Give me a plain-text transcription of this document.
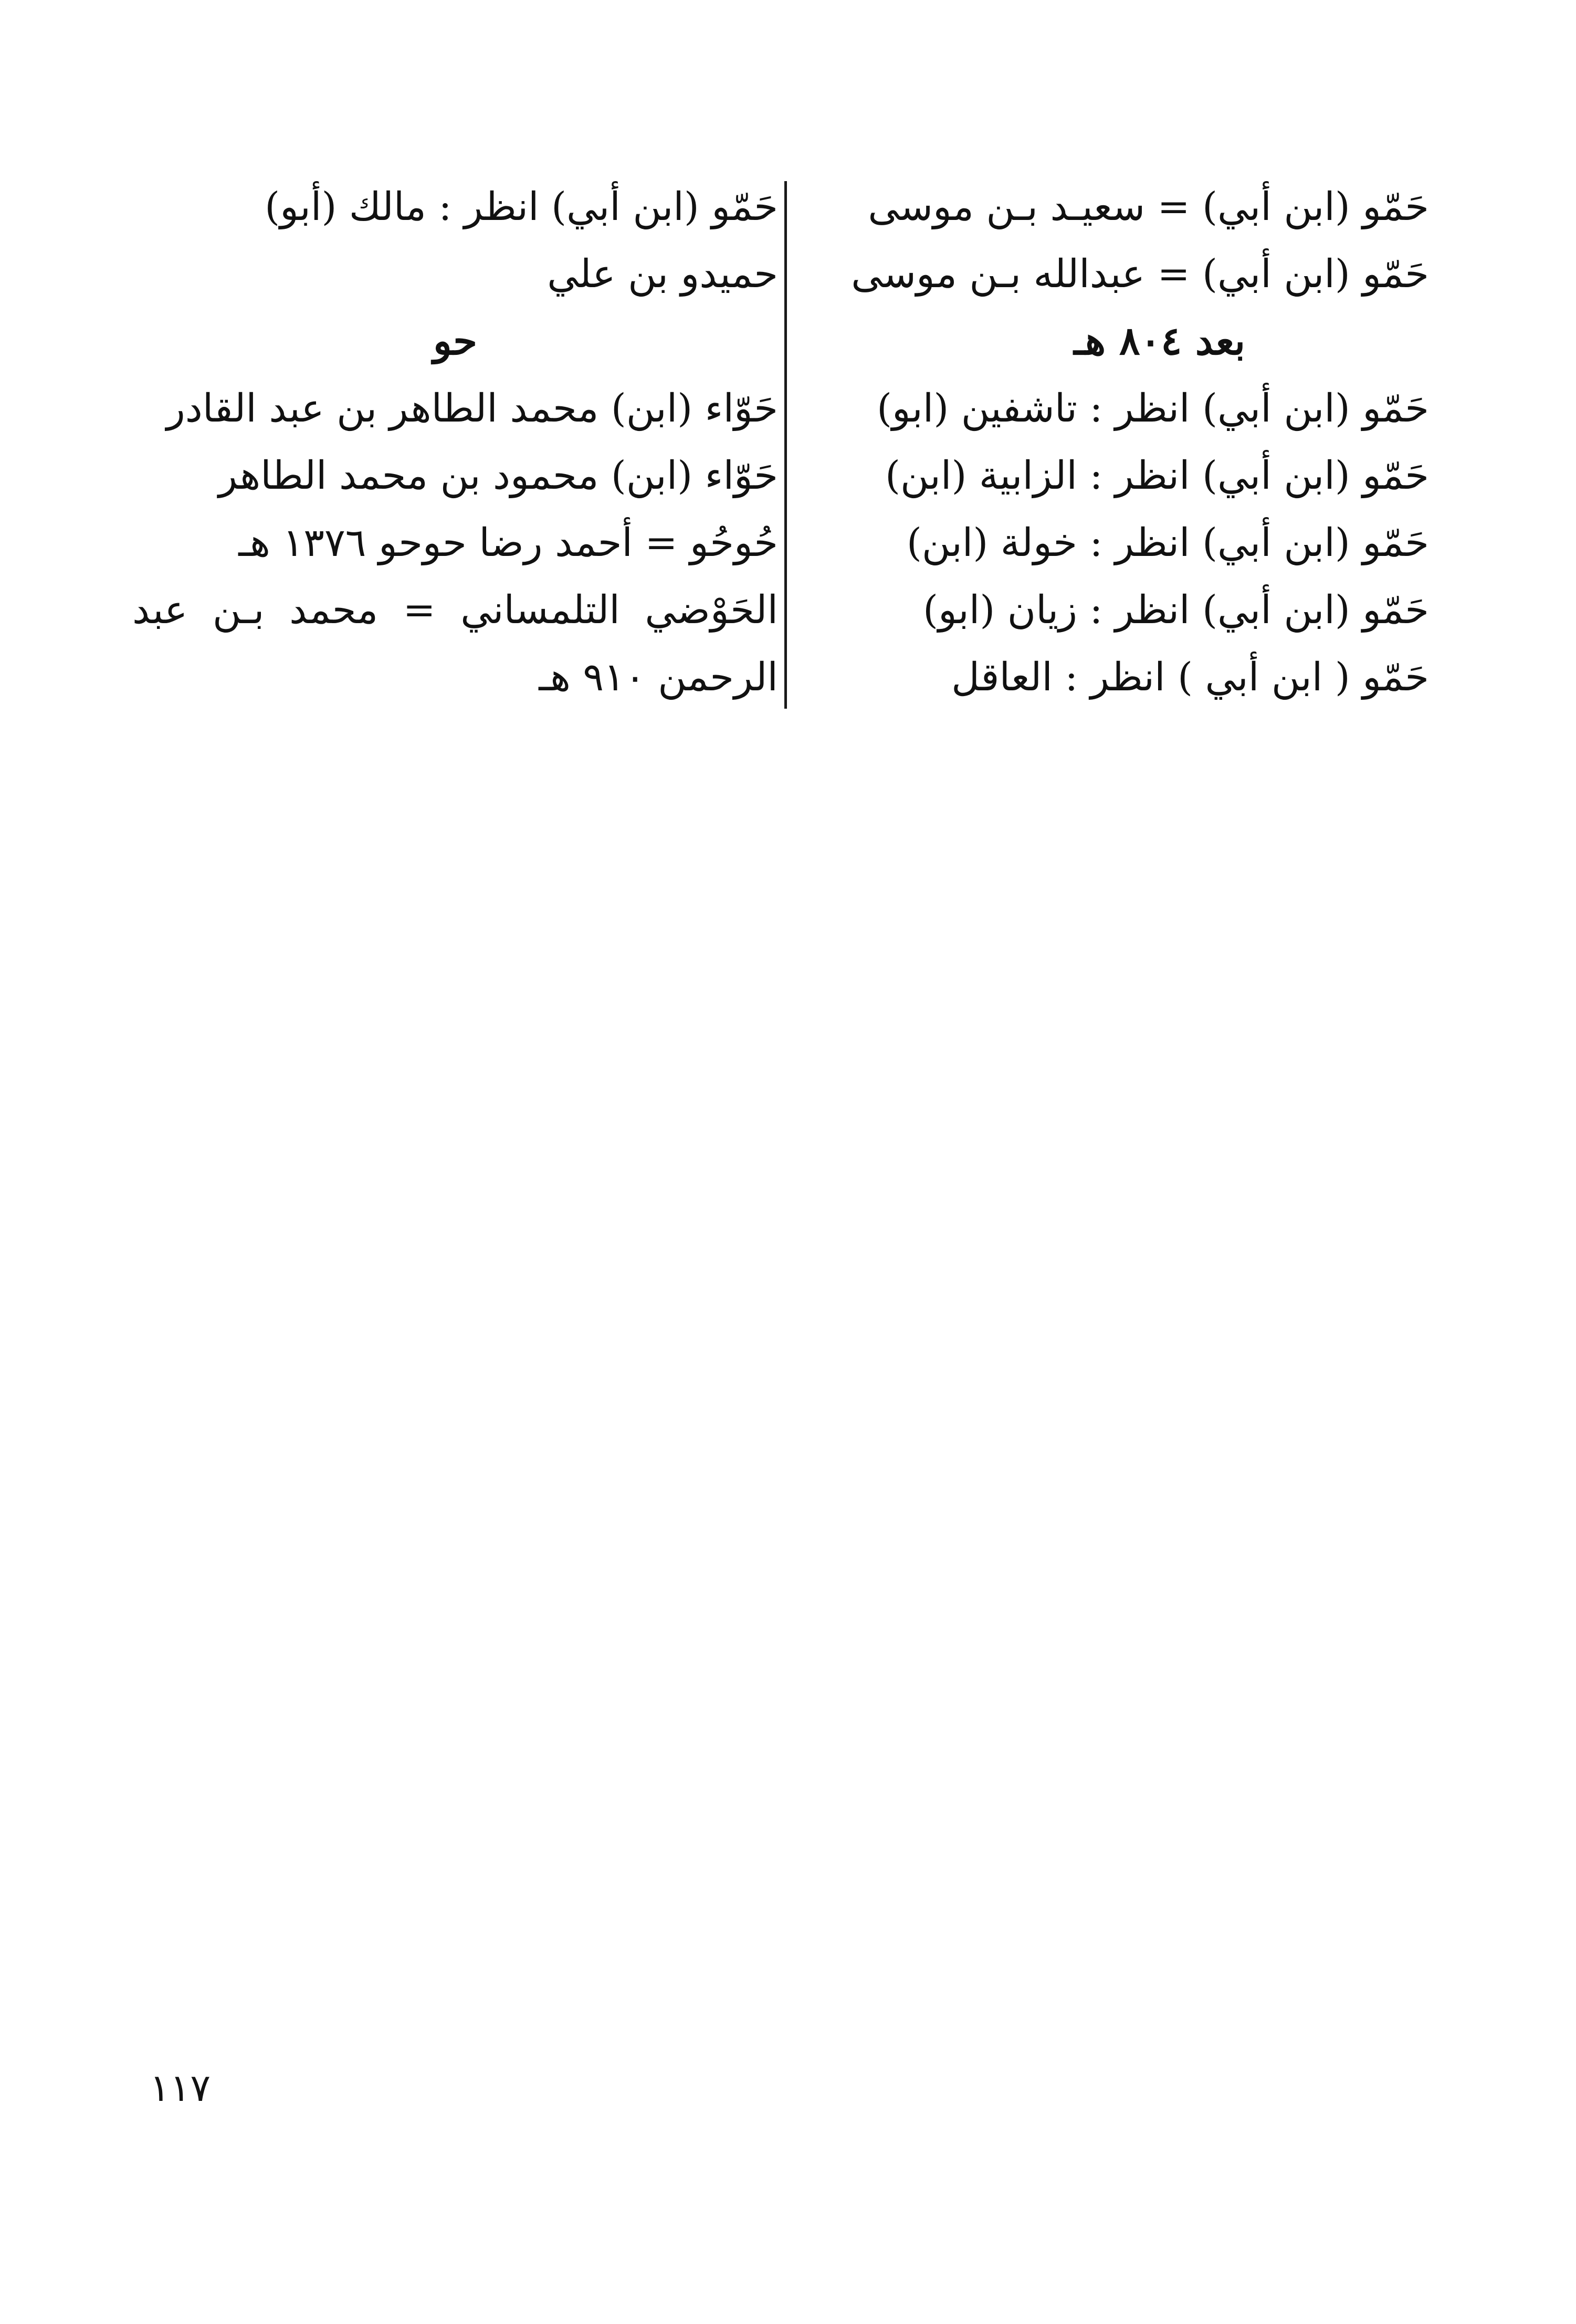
حَمّو (ابن أبي) = سعيـد بـن موسى
حَمّو (ابن أبي) = عبدالله بـن موسى
بعد ٨٠٤ هـ
حَمّو (ابن أبي) انظر : تاشفين (ابو)
حَمّو (ابن أبي) انظر : الزابية (ابن)
حَمّو (ابن أبي) انظر : خولة (ابن)
حَمّو (ابن أبي) انظر : زيان (ابو)
حَمّو ( ابن أبي ) انظر : العاقل
حَمّو (ابن أبي) انظر : مالك (أبو)
حميدو بن علي
حو
حَوّاء (ابن) محمد الطاهر بن عبد القادر
حَوّاء (ابن) محمود بن محمد الطاهر
حُوحُو = أحمد رضا حوحو ١٣٧٦ هـ
الحَوْضي التلمساني = محمد بـن عبد الرحمن ٩١٠ هـ
١١٧
